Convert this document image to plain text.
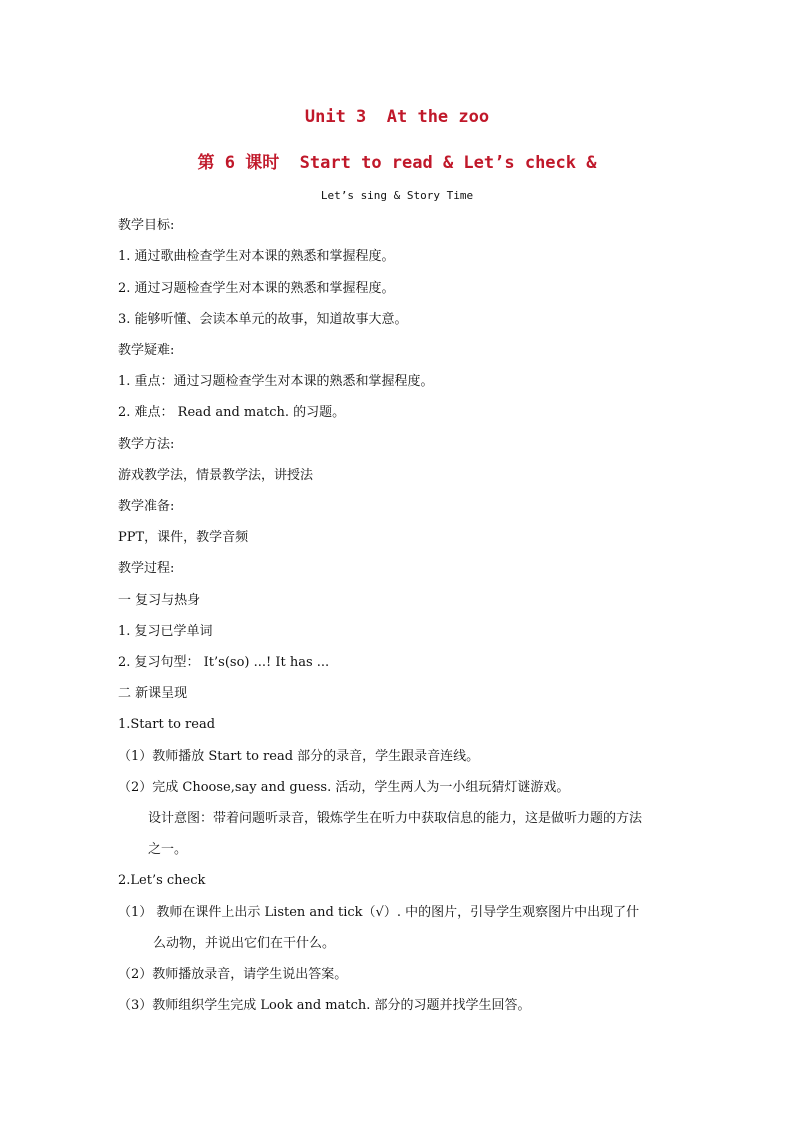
Unit 3  At the zoo
第 6 课时  Start to read & Let’s check &
Let’s sing & Story Time
教学目标:
1. 通过歌曲检查学生对本课的熟悉和掌握程度。
2. 通过习题检查学生对本课的熟悉和掌握程度。
3. 能够听懂、会读本单元的故事，知道故事大意。
教学疑难:
1. 重点：通过习题检查学生对本课的熟悉和掌握程度。
2. 难点： Read and match. 的习题。
教学方法:
游戏教学法，情景教学法，讲授法
教学准备:
PPT，课件，教学音频
教学过程:
一 复习与热身
1. 复习已学单词
2. 复习句型： It’s(so) ...! It has ...
二 新课呈现
1.Start to read
（1）教师播放 Start to read 部分的录音，学生跟录音连线。
（2）完成 Choose,say and guess. 活动，学生两人为一小组玩猜灯谜游戏。
设计意图：带着问题听录音，锻炼学生在听力中获取信息的能力，这是做听力题的方法
之一。
2.Let’s check
（1） 教师在课件上出示 Listen and tick（√）. 中的图片，引导学生观察图片中出现了什
么动物，并说出它们在干什么。
（2）教师播放录音，请学生说出答案。
（3）教师组织学生完成 Look and match. 部分的习题并找学生回答。
